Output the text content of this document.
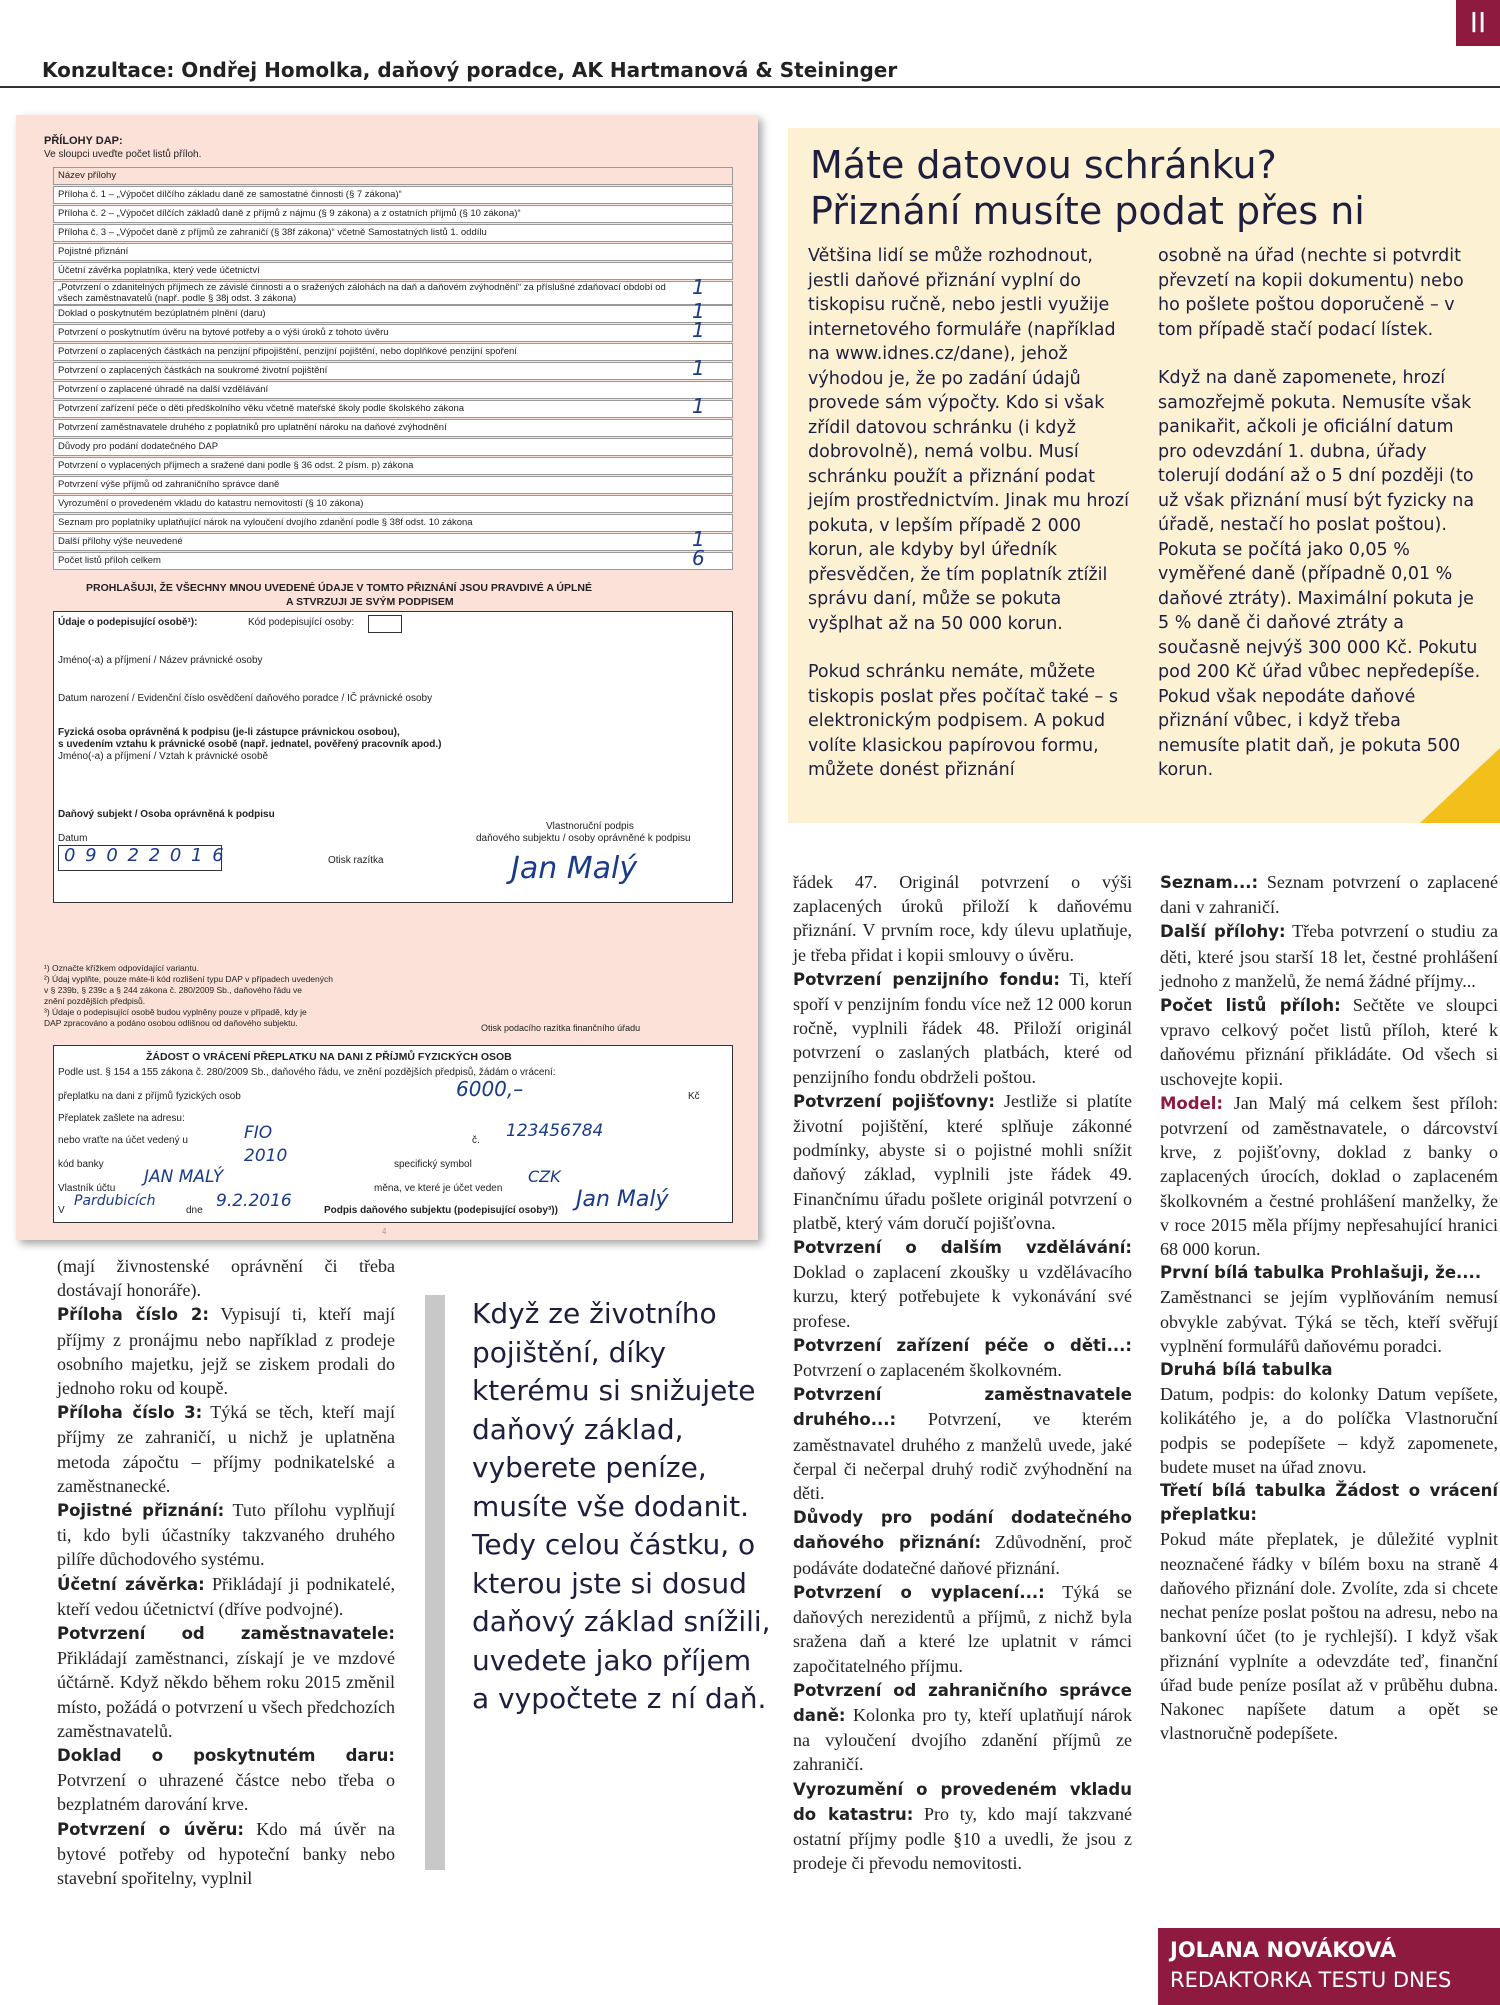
Konzultace: Ondřej Homolka, daňový poradce, AK Hartmanová & Steininger
II
PŘÍLOHY DAP:
Ve sloupci uveďte počet listů příloh.
Název přílohy
Příloha č. 1 – „Výpočet dílčího základu daně ze samostatné činnosti (§ 7 zákona)“
Příloha č. 2 – „Výpočet dílčích základů daně z příjmů z nájmu (§ 9 zákona) a z ostatních příjmů (§ 10 zákona)“
Příloha č. 3 – „Výpočet daně z příjmů ze zahraničí (§ 38f zákona)“ včetně Samostatných listů 1. oddílu
Pojistné přiznání
Účetní závěrka poplatníka, který vede účetnictví
„Potvrzení o zdanitelných příjmech ze závislé činnosti a o sražených zálohách na daň a daňovém zvýhodnění“ za příslušné zdaňovací období od všech zaměstnavatelů (např. podle § 38j odst. 3 zákona)	1
Doklad o poskytnutém bezúplatném plnění (daru)	1
Potvrzení o poskytnutím úvěru na bytové potřeby a o výši úroků z tohoto úvěru	1
Potvrzení o zaplacených částkách na penzijní připojištění, penzijní pojištění, nebo doplňkové penzijní spoření
Potvrzení o zaplacených částkách na soukromé životní pojištění	1
Potvrzení o zaplacené úhradě na další vzdělávání
Potvrzení zařízení péče o děti předškolního věku včetně mateřské školy podle školského zákona	1
Potvrzení zaměstnavatele druhého z poplatníků pro uplatnění nároku na daňové zvýhodnění
Důvody pro podání dodatečného DAP
Potvrzení o vyplacených příjmech a sražené dani podle § 36 odst. 2 písm. p) zákona
Potvrzení výše příjmů od zahraničního správce daně
Vyrozumění o provedeném vkladu do katastru nemovitostí (§ 10 zákona)
Seznam pro poplatníky uplatňující nárok na vyloučení dvojího zdanění podle § 38f odst. 10 zákona
Další přílohy výše neuvedené	1
Počet listů příloh celkem	6
PROHLAŠUJI, ŽE VŠECHNY MNOU UVEDENÉ ÚDAJE V TOMTO PŘIZNÁNÍ JSOU PRAVDIVÉ A ÚPLNÉ
A STVRZUJI JE SVÝM PODPISEM
Údaje o podepisující osobě¹):	Kód podepisující osoby:
Jméno(-a) a příjmení / Název právnické osoby
Datum narození / Evidenční číslo osvědčení daňového poradce / IČ právnické osoby
Fyzická osoba oprávněná k podpisu (je-li zástupce právnickou osobou),
s uvedením vztahu k právnické osobě (např. jednatel, pověřený pracovník apod.)
Jméno(-a) a příjmení / Vztah k právnické osobě
Daňový subjekt / Osoba oprávněná k podpisu
Datum
0 9 0 2 2 0 1 6	Otisk razítka
Vlastnoruční podpis
daňového subjektu / osoby oprávněné k podpisu
Jan Malý
¹) Označte křížkem odpovídající variantu.
²) Údaj vyplňte, pouze máte-li kód rozlišení typu DAP v případech uvedených
v § 239b, § 239c a § 244 zákona č. 280/2009 Sb., daňového řádu ve
znění pozdějších předpisů.
³) Údaje o podepisující osobě budou vyplněny pouze v případě, kdy je
DAP zpracováno a podáno osobou odlišnou od daňového subjektu.	Otisk podacího razítka finančního úřadu
ŽÁDOST O VRÁCENÍ PŘEPLATKU NA DANI Z PŘÍJMŮ FYZICKÝCH OSOB
Podle ust. § 154 a 155 zákona č. 280/2009 Sb., daňového řádu, ve znění pozdějších předpisů, žádám o vrácení:
přeplatku na dani z příjmů fyzických osob	6000,–	Kč
Přeplatek zašlete na adresu:
nebo vraťte na účet vedený u	FIO	č. 123456784
kód banky	2010	specifický symbol
Vlastník účtu
JAN MALÝ
měna, ve které je účet veden
CZK
V
Pardubicích
dne 9.2.2016	Podpis daňového subjektu (podepisující osoby³)) Jan Malý
4
Máte datovou schránku?
Přiznání musíte podat přes ni

Většina lidí se může rozhodnout, jestli daňové přiznání vyplní do tiskopisu ručně, nebo jestli využije internetového formuláře (například na www.idnes.cz/dane), jehož výhodou je, že po zadání údajů provede sám výpočty. Kdo si však zřídil datovou schránku (i když dobrovolně), nemá volbu. Musí schránku použít a přiznání podat jejím prostřednictvím. Jinak mu hrozí pokuta, v lepším případě 2 000 korun, ale kdyby byl úředník přesvědčen, že tím poplatník ztížil správu daní, může se pokuta vyšplhat až na 50 000 korun.

Pokud schránku nemáte, můžete tiskopis poslat přes počítač také – s elektronickým podpisem. A pokud volíte klasickou papírovou formu, můžete donést přiznání

osobně na úřad (nechte si potvrdit převzetí na kopii dokumentu) nebo ho pošlete poštou doporučeně – v tom případě stačí podací lístek.

Když na daně zapomenete, hrozí samozřejmě pokuta. Nemusíte však panikařit, ačkoli je oficiální datum pro odevzdání 1. dubna, úřady tolerují dodání až o 5 dní později (to už však přiznání musí být fyzicky na úřadě, nestačí ho poslat poštou). Pokuta se počítá jako 0,05 % vyměřené daně (případně 0,01 % daňové ztráty). Maximální pokuta je 5 % daně či daňové ztráty a současně nejvýš 300 000 Kč. Pokutu pod 200 Kč úřad vůbec nepředepíše. Pokud však nepodáte daňové přiznání vůbec, i když třeba nemusíte platit daň, je pokuta 500 korun.

Když ze životního pojištění, díky kterému si snižujete daňový základ, vyberete peníze, musíte vše dodanit. Tedy celou částku, o kterou jste si dosud daňový základ snížili, uvedete jako příjem a vypočtete z ní daň.

(mají živnostenské oprávnění či třeba dostávají honoráře).

Příloha číslo 2: Vypisují ti, kteří mají příjmy z pronájmu nebo například z prodeje osobního majetku, jejž se ziskem prodali do jednoho roku od koupě.

Příloha číslo 3: Týká se těch, kteří mají příjmy ze zahraničí, u nichž je uplatněna metoda zápočtu – příjmy podnikatelské a zaměstnanecké.

Pojistné přiznání: Tuto přílohu vyplňují ti, kdo byli účastníky takzvaného druhého pilíře důchodového systému.

Účetní závěrka: Přikládají ji podnikatelé, kteří vedou účetnictví (dříve podvojné).

Potvrzení od zaměstnavatele: Přikládají zaměstnanci, získají je ve mzdové účtárně. Když někdo během roku 2015 změnil místo, požádá o potvrzení u všech předchozích zaměstnavatelů.

Doklad o poskytnutém daru: Potvrzení o uhrazené částce nebo třeba o bezplatném darování krve.

Potvrzení o úvěru: Kdo má úvěr na bytové potřeby od hypoteční banky nebo stavební spořitelny, vyplnil

řádek 47. Originál potvrzení o výši zaplacených úroků přiloží k daňovému přiznání. V prvním roce, kdy úlevu uplatňuje, je třeba přidat i kopii smlouvy o úvěru.

Potvrzení penzijního fondu: Ti, kteří spoří v penzijním fondu více než 12 000 korun ročně, vyplnili řádek 48. Přiloží originál potvrzení o zaslaných platbách, které od penzijního fondu obdrželi poštou.

Potvrzení pojišťovny: Jestliže si platíte životní pojištění, které splňuje zákonné podmínky, abyste si o pojistné mohli snížit daňový základ, vyplnili jste řádek 49. Finančnímu úřadu pošlete originál potvrzení o platbě, který vám doručí pojišťovna.

Potvrzení o dalším vzdělávání: Doklad o zaplacení zkoušky u vzdělávacího kurzu, který potřebujete k vykonávání své profese.

Potvrzení zařízení péče o děti...: Potvrzení o zaplaceném školkovném.

Potvrzení zaměstnavatele druhého...: Potvrzení, ve kterém zaměstnavatel druhého z manželů uvede, jaké čerpal či nečerpal druhý rodič zvýhodnění na děti.

Důvody pro podání dodatečného daňového přiznání: Zdůvodnění, proč podáváte dodatečné daňové přiznání.

Potvrzení o vyplacení...: Týká se daňových nerezidentů a příjmů, z nichž byla sražena daň a které lze uplatnit v rámci započitatelného příjmu.

Potvrzení od zahraničního správce daně: Kolonka pro ty, kteří uplatňují nárok na vyloučení dvojího zdanění příjmů ze zahraničí.

Vyrozumění o provedeném vkladu do katastru: Pro ty, kdo mají takzvané ostatní příjmy podle §10 a uvedli, že jsou z prodeje či převodu nemovitosti.

Seznam...: Seznam potvrzení o zaplacené dani v zahraničí.

Další přílohy: Třeba potvrzení o studiu za děti, které jsou starší 18 let, čestné prohlášení jednoho z manželů, že nemá žádné příjmy...

Počet listů příloh: Sečtěte ve sloupci vpravo celkový počet listů příloh, které k daňovému přiznání přikládáte. Od všech si uschovejte kopii.

Model: Jan Malý má celkem šest příloh: potvrzení od zaměstnavatele, o dárcovství krve, z pojišťovny, doklad z banky o zaplacených úrocích, doklad o zaplaceném školkovném a čestné prohlášení manželky, že v roce 2015 měla příjmy nepřesahující hranici 68 000 korun.

První bílá tabulka Prohlašuji, že....
Zaměstnanci se jejím vyplňováním nemusí obvykle zabývat. Týká se těch, kteří svěřují vyplnění formulářů daňovému poradci.

Druhá bílá tabulka
Datum, podpis: do kolonky Datum vepíšete, kolikátého je, a do políčka Vlastnoruční podpis se podepíšete – když zapomenete, budete muset na úřad znovu.

Třetí bílá tabulka Žádost o vrácení přeplatku:
Pokud máte přeplatek, je důležité vyplnit neoznačené řádky v bílém boxu na straně 4 daňového přiznání dole. Zvolíte, zda si chcete nechat peníze poslat poštou na adresu, nebo na bankovní účet (to je rychlejší). I když však přiznání vyplníte a odevzdáte teď, finanční úřad bude peníze posílat až v průběhu dubna. Nakonec napíšete datum a opět se vlastnoručně podepíšete.

JOLANA NOVÁKOVÁ
REDAKTORKA TESTU DNES
